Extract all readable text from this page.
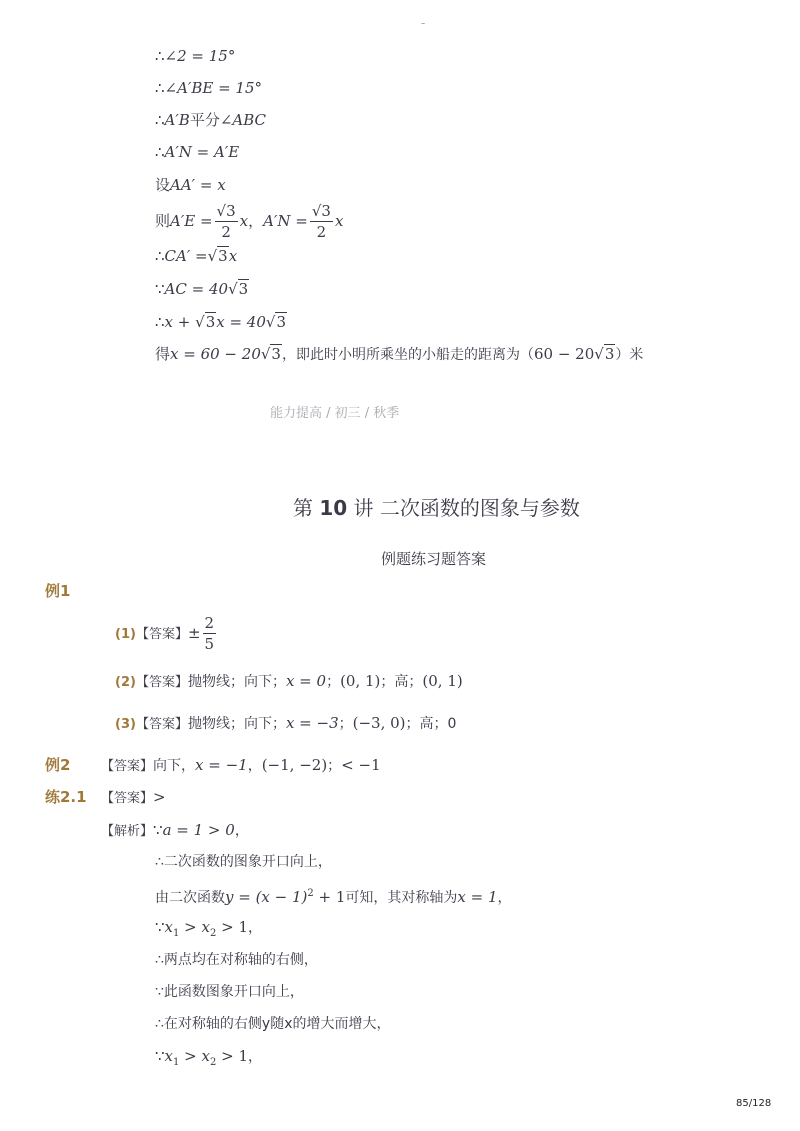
-
∴∠2 = 15°
∴∠A′BE = 15°
∴A′B平分∠ABC
∴A′N = A′E
设AA′ = x
则$A'E = \frac{√3}{2}$ x，$A'N = \frac{√3}{2}$ x
∴CA′ =√3x
∵AC = 40√3
∴x + √3x = 40√3
得x = 60 − 20√3，即此时小明所乘坐的小船走的距离为（60 − 20√3）米
能力提高 / 初三 / 秋季
第 10 讲 二次函数的图象与参数
例题练习题答案
例1
(1)【答案】± $\frac{2}{5}$
(2)【答案】抛物线；向下；x = 0；(0, 1)；高；(0, 1)
(3)【答案】抛物线；向下；x = −3；(−3, 0)；高；0
例2 【答案】向下，x = −1，(−1, −2)；< −1
练2.1 【答案】>
【解析】∵a = 1 > 0，
∴二次函数的图象开口向上，
由二次函数$y = (x - 1)^2 + 1$可知，其对称轴为x = 1，
$\because x_1 > x_2 > 1$，
∴两点均在对称轴的右侧，
∵此函数图象开口向上，
∴在对称轴的右侧y随x的增大而增大，
$\because x_1 > x_2 > 1$，
85/128
